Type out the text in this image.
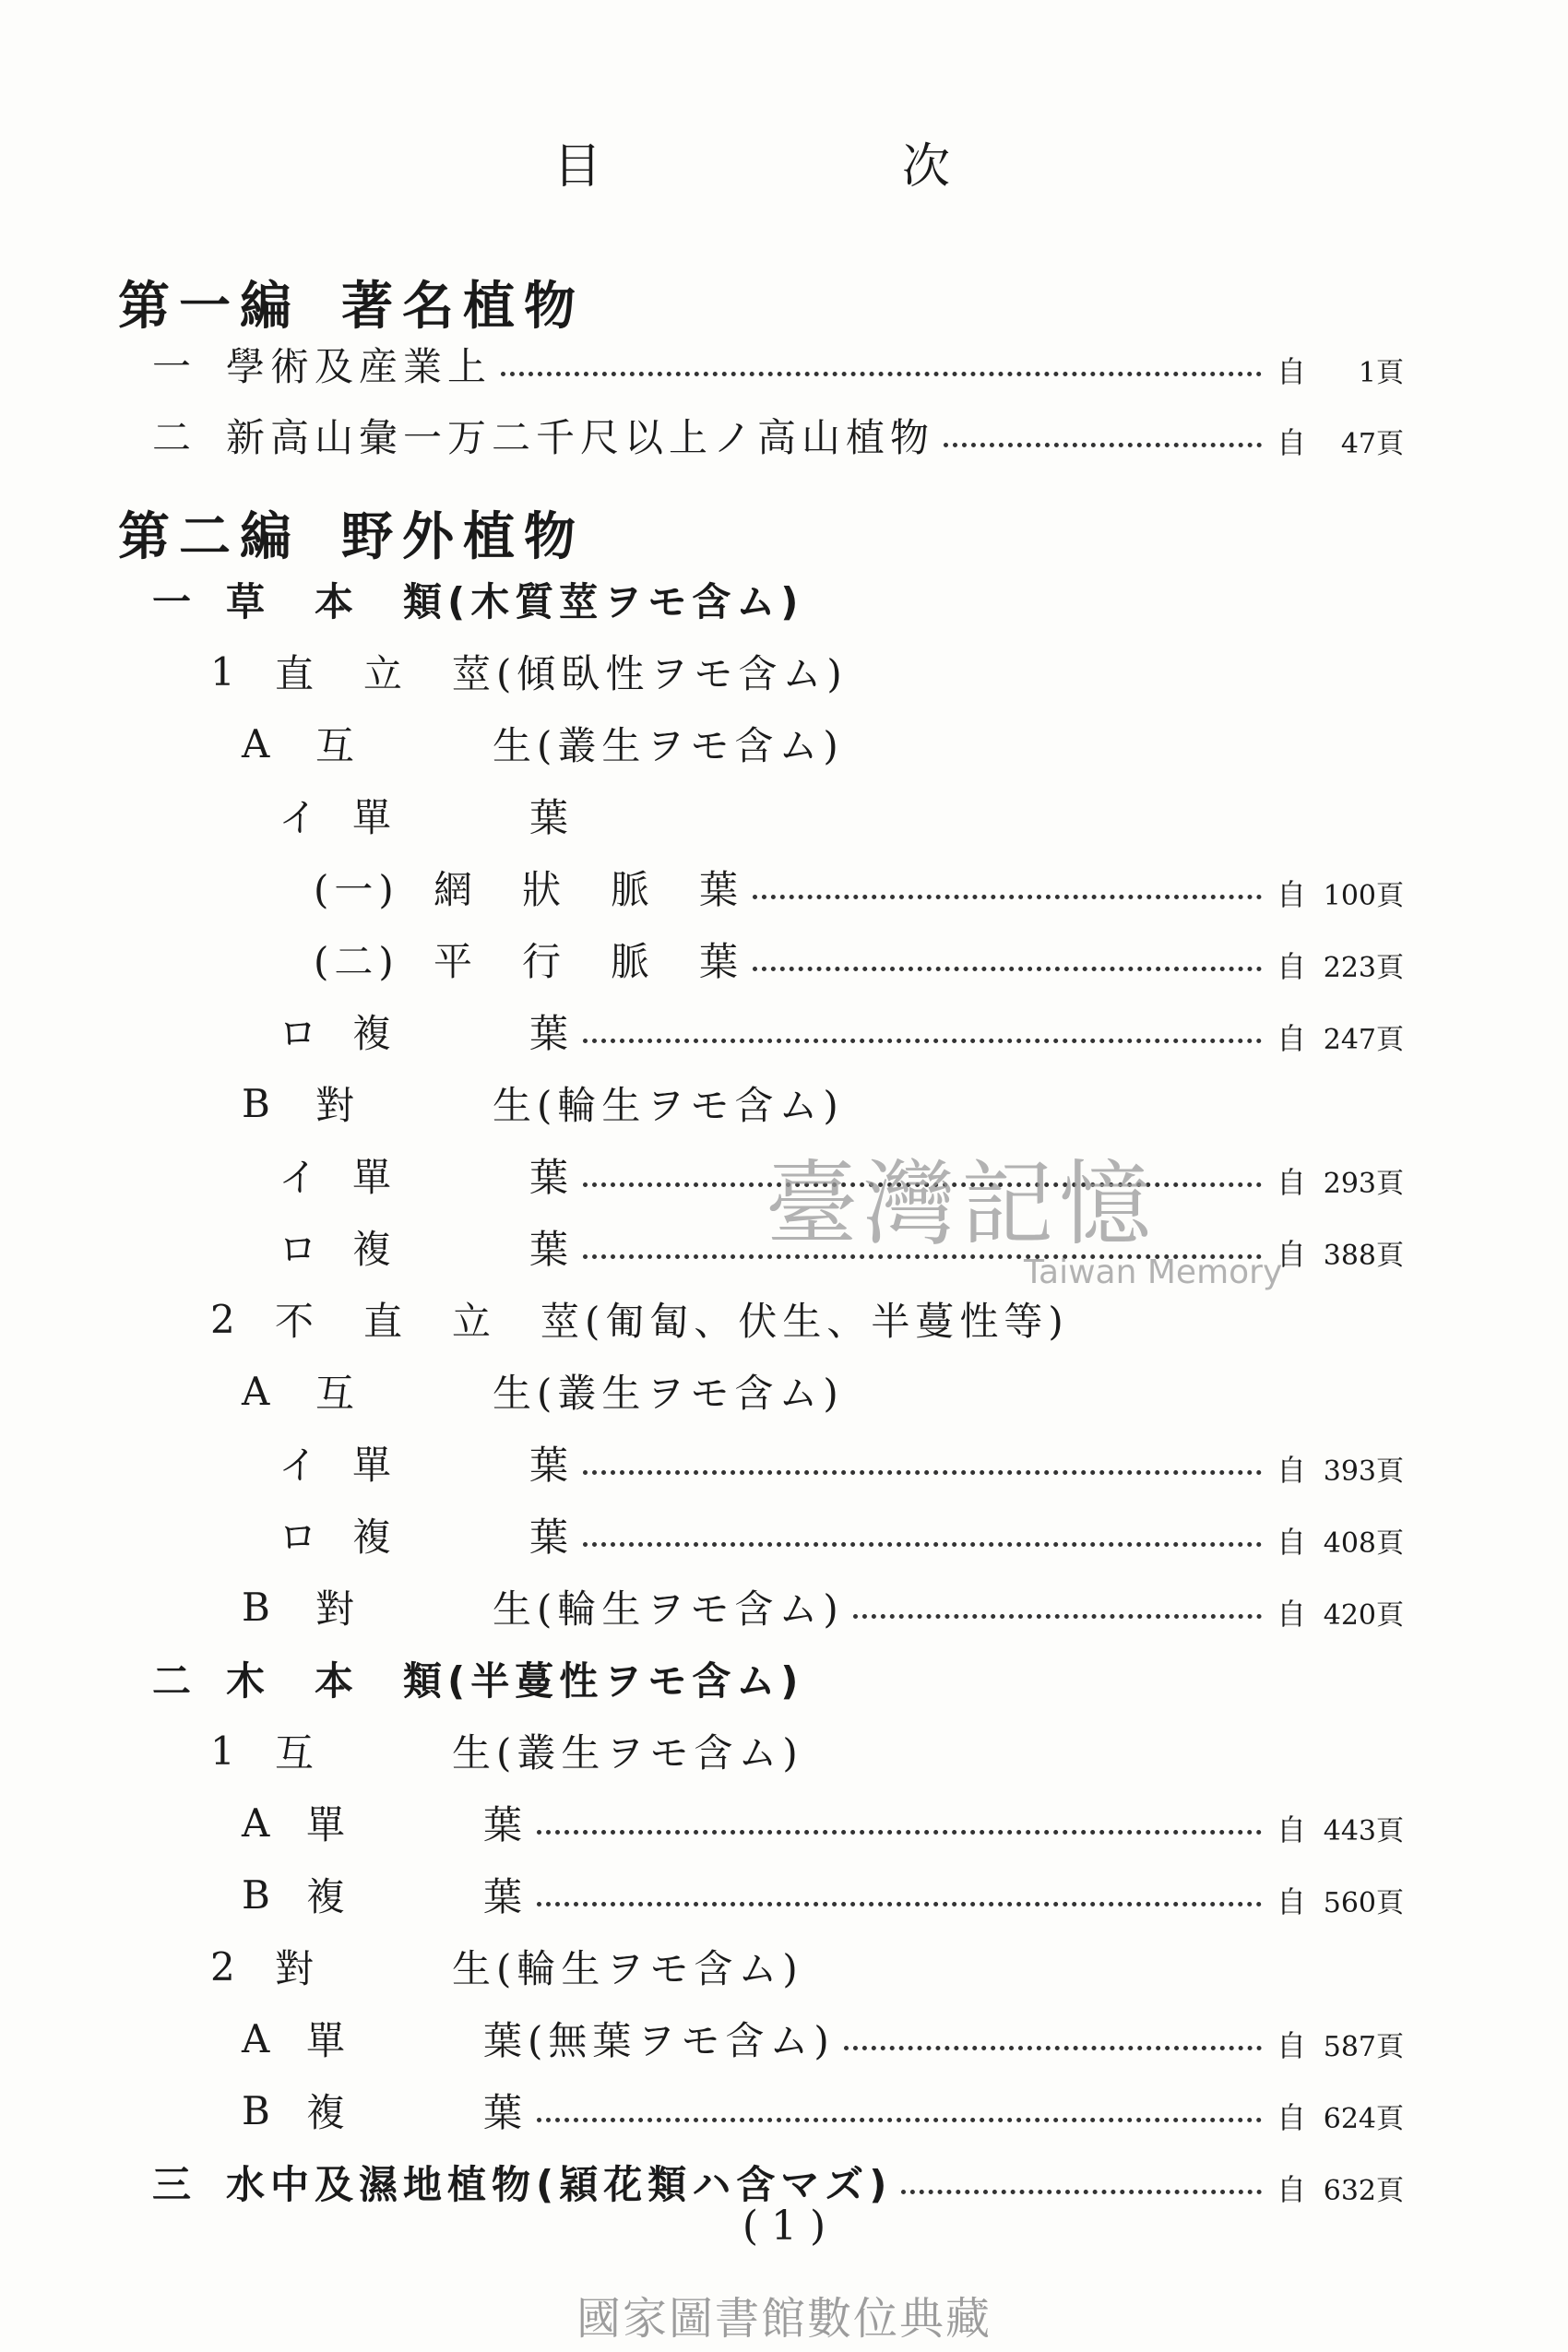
目	次
第一編 著名植物
一 學術及産業上	自	1頁
二 新高山彙一万二千尺以上ノ高山植物	自	47頁
第二編 野外植物
一 草　本　類(木質莖ヲモ含ム)
1 直　立　莖(傾臥性ヲモ含ム)
A	互　　　生(叢生ヲモ含ム)
イ 單　　　葉
(一) 網　狀　脈　葉	自 100頁
(二) 平　行　脈　葉	自 223頁
ロ 複　　　葉	自 247頁
B	對　　　生(輪生ヲモ含ム)
イ 單　　　葉	自 293頁
ロ 複　　　葉	自 388頁
2 不　直　立　莖(匍匐、伏生、半蔓性等)
A	互　　　生(叢生ヲモ含ム)
イ 單　　　葉	自 393頁
ロ 複　　　葉	自 408頁
B	對　　　生(輪生ヲモ含ム)	自 420頁
二 木　本　類(半蔓性ヲモ含ム)
1 互　　　生(叢生ヲモ含ム)
A 單　　　葉	自 443頁
B 複　　　葉	自 560頁
2 對　　　生(輪生ヲモ含ム)
A 單　　　葉(無葉ヲモ含ム)	自 587頁
B 複　　　葉	自 624頁
三 水中及濕地植物(穎花類ハ含マズ)	自 632頁
( 1 )
臺灣記憶
Taiwan Memory
國家圖書館數位典藏
